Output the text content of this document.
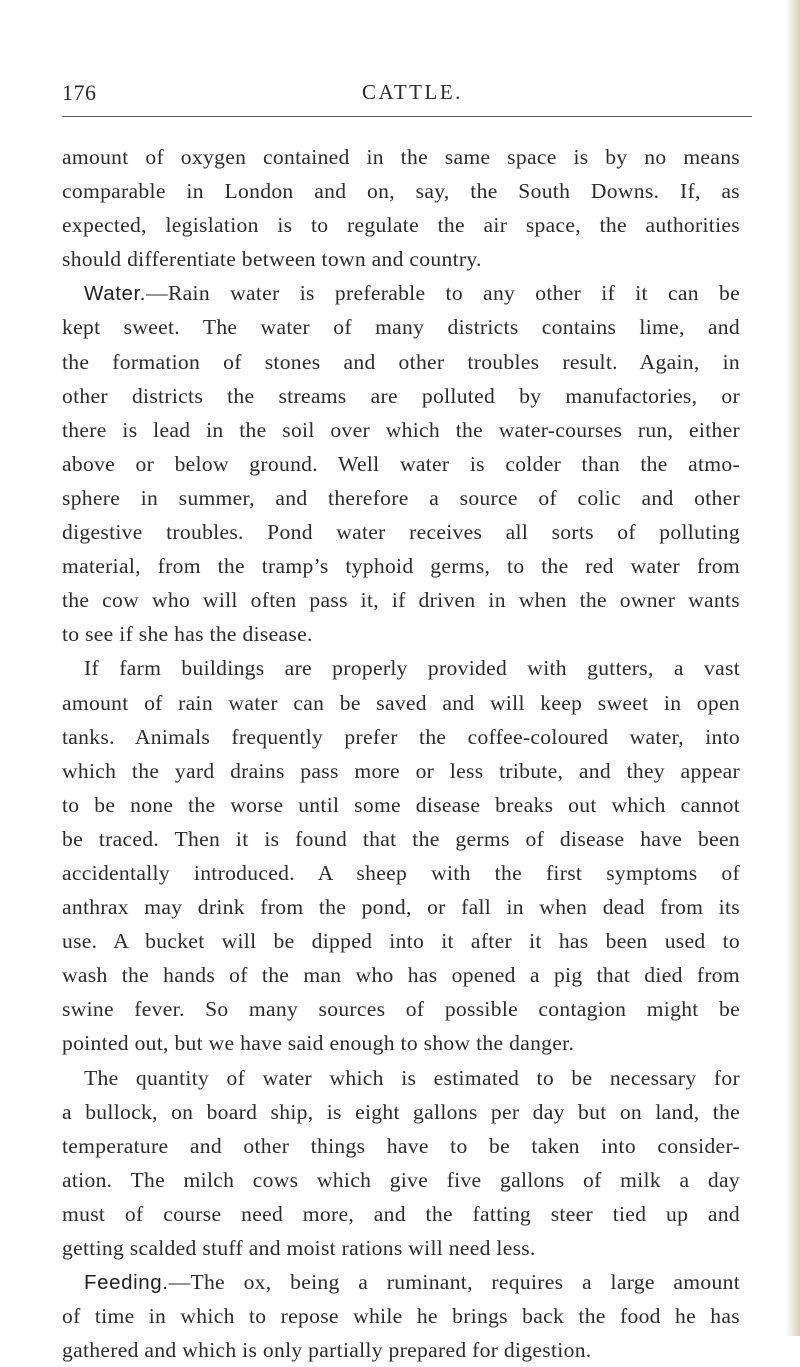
176	CATTLE.
amount of oxygen contained in the same space is by no means
comparable in London and on, say, the South Downs. If, as
expected, legislation is to regulate the air space, the authorities
should differentiate between town and country.
Water.—Rain water is preferable to any other if it can be
kept sweet. The water of many districts contains lime, and
the formation of stones and other troubles result. Again, in
other districts the streams are polluted by manufactories, or
there is lead in the soil over which the water-courses run, either
above or below ground. Well water is colder than the atmo-
sphere in summer, and therefore a source of colic and other
digestive troubles. Pond water receives all sorts of polluting
material, from the tramp’s typhoid germs, to the red water from
the cow who will often pass it, if driven in when the owner wants
to see if she has the disease.
If farm buildings are properly provided with gutters, a vast
amount of rain water can be saved and will keep sweet in open
tanks. Animals frequently prefer the coffee-coloured water, into
which the yard drains pass more or less tribute, and they appear
to be none the worse until some disease breaks out which cannot
be traced. Then it is found that the germs of disease have been
accidentally introduced. A sheep with the first symptoms of
anthrax may drink from the pond, or fall in when dead from its
use. A bucket will be dipped into it after it has been used to
wash the hands of the man who has opened a pig that died from
swine fever. So many sources of possible contagion might be
pointed out, but we have said enough to show the danger.
The quantity of water which is estimated to be necessary for
a bullock, on board ship, is eight gallons per day but on land, the
temperature and other things have to be taken into consider-
ation. The milch cows which give five gallons of milk a day
must of course need more, and the fatting steer tied up and
getting scalded stuff and moist rations will need less.
Feeding.—The ox, being a ruminant, requires a large amount
of time in which to repose while he brings back the food he has
gathered and which is only partially prepared for digestion.
